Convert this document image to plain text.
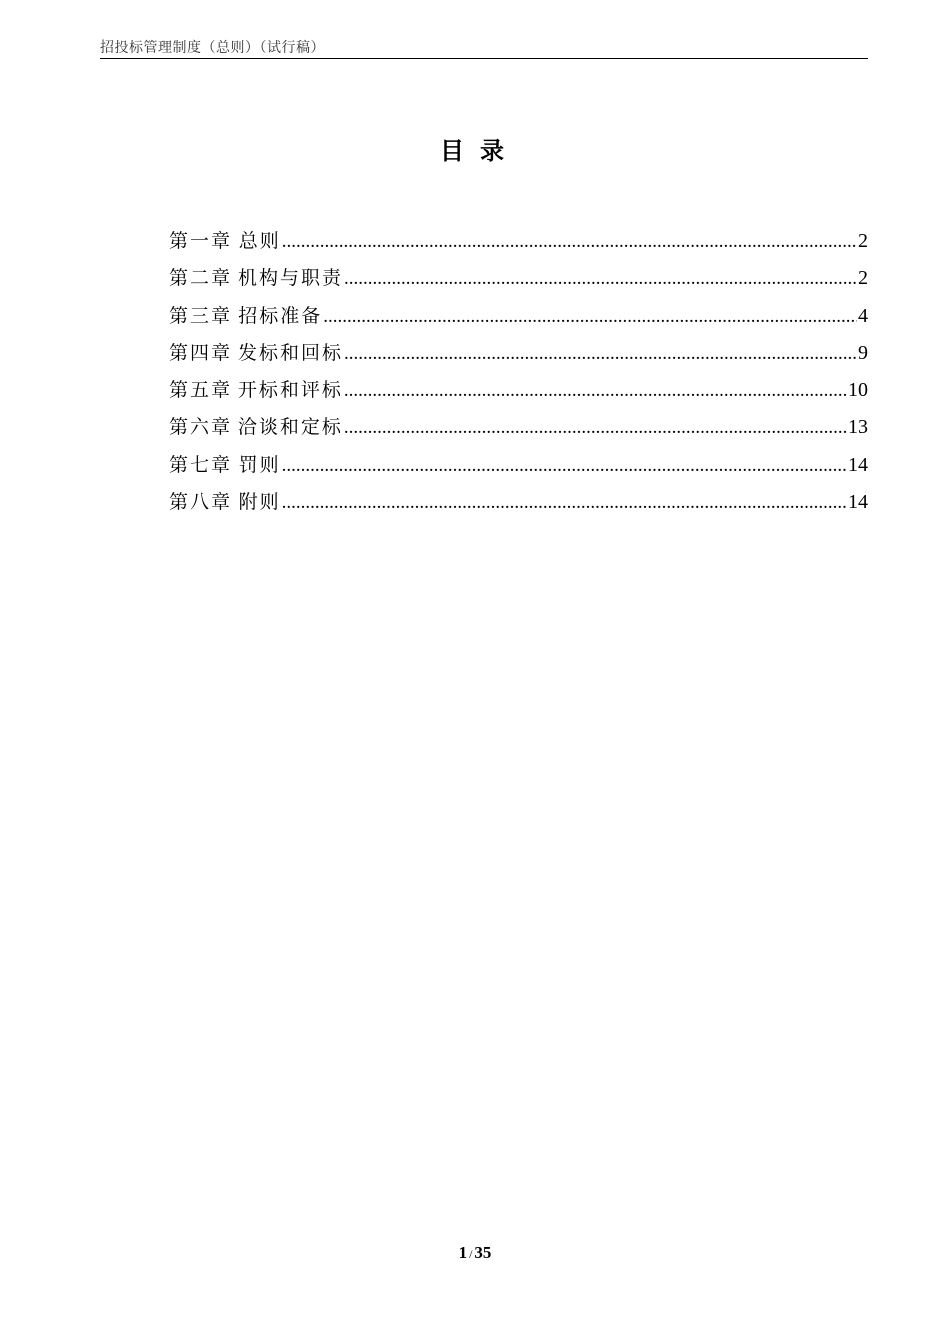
招投标管理制度（总则）（试行稿）
目录
第一章 总则 .....	2
第二章 机构与职责 .....	2
第三章 招标准备 .....	4
第四章 发标和回标 .....	9
第五章 开标和评标 .....	10
第六章 洽谈和定标 .....	13
第七章 罚则 .....	14
第八章 附则 .....	14
1 / 35
